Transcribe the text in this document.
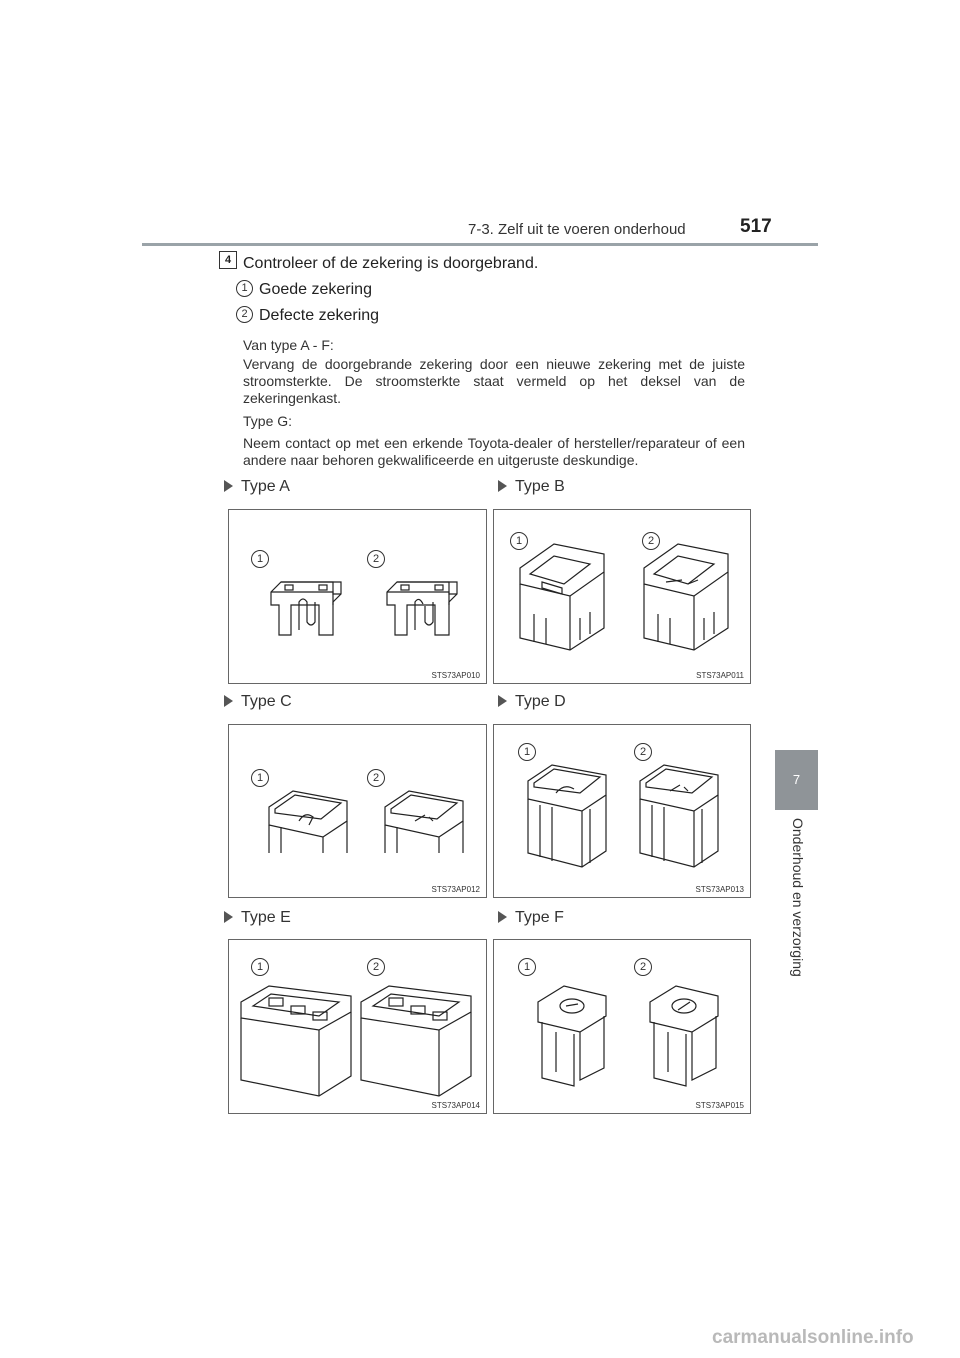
7-3. Zelf uit te voeren onderhoud	517
7
Onderhoud en verzorging
4 Controleer of de zekering is doorgebrand.
1 Goede zekering
2 Defecte zekering
Van type A - F:
Vervang de doorgebrande zekering door een nieuwe zekering met de juiste stroomsterkte. De stroomsterkte staat vermeld op het deksel van de zekeringenkast.
Type G:
Neem contact op met een erkende Toyota-dealer of hersteller/reparateur of een andere naar behoren gekwalificeerde en uitgeruste deskundige.
Type A	Type B
Type C	Type D
Type E	Type F
1	2
STS73AP010
1	2
STS73AP011
1	2
STS73AP012
1	2
STS73AP013
1	2
STS73AP014
1	2
STS73AP015
carmanualsonline.info
